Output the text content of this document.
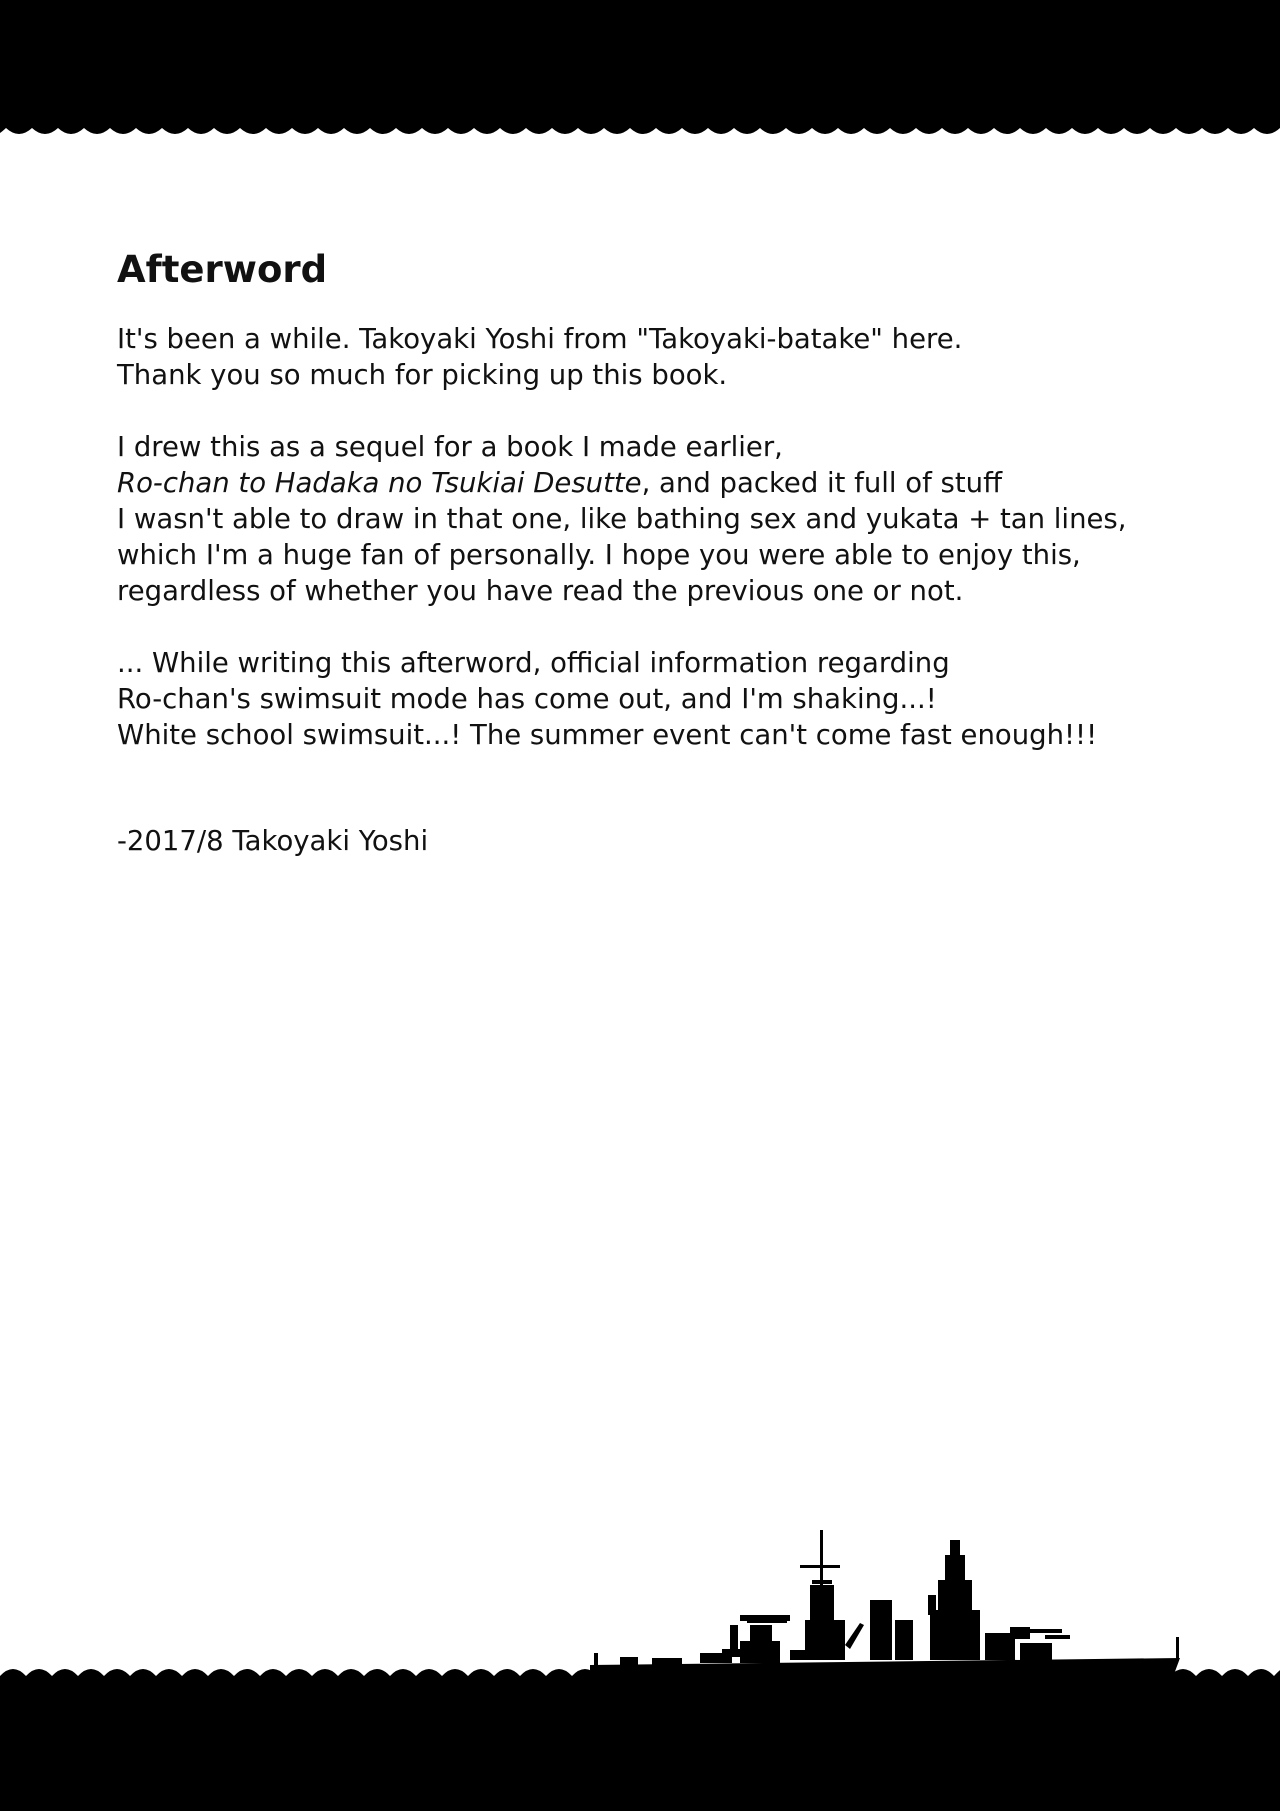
Afterword
It's been a while. Takoyaki Yoshi from "Takoyaki-batake" here.
Thank you so much for picking up this book.
I drew this as a sequel for a book I made earlier,
Ro-chan to Hadaka no Tsukiai Desutte, and packed it full of stuff
I wasn't able to draw in that one, like bathing sex and yukata + tan lines,
which I'm a huge fan of personally. I hope you were able to enjoy this,
regardless of whether you have read the previous one or not.
... While writing this afterword, official information regarding
Ro-chan's swimsuit mode has come out, and I'm shaking...!
White school swimsuit...! The summer event can't come fast enough!!!
-2017/8 Takoyaki Yoshi
